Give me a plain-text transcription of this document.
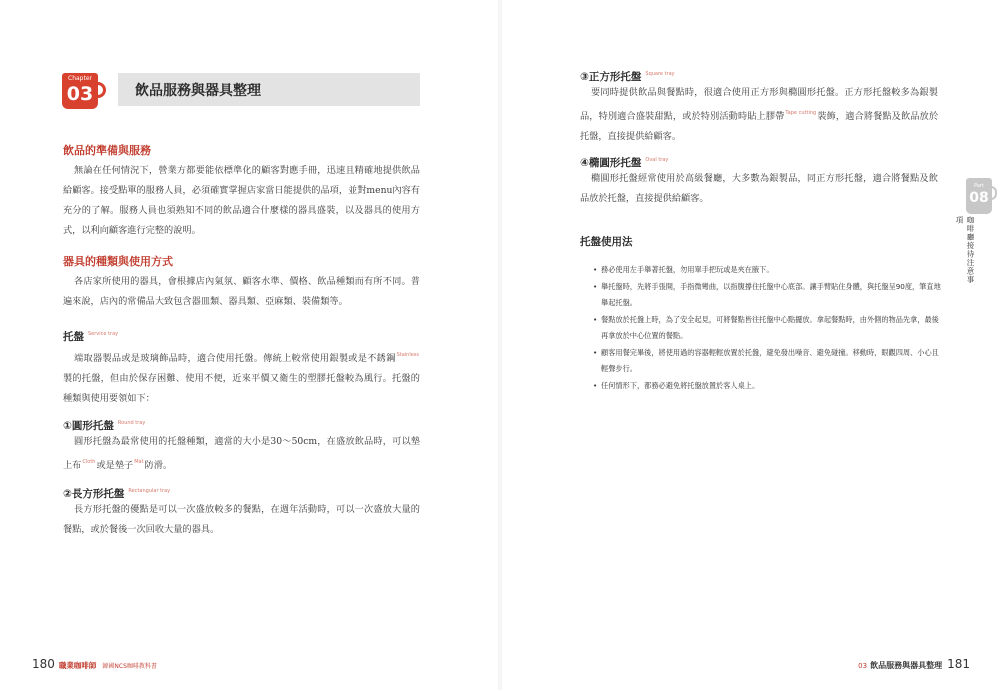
Chapter
03	飲品服務與器具整理
飲品的準備與服務
無論在任何情況下，營業方都要能依標準化的顧客對應手冊，迅速且精確地提供飲品給顧客。接受點單的服務人員，必須確實掌握店家當日能提供的品項，並對menu內容有充分的了解。服務人員也須熟知不同的飲品適合什麼樣的器具盛裝，以及器具的使用方式，以利向顧客進行完整的說明。
器具的種類與使用方式
各店家所使用的器具，會根據店內氣氛、顧客水準、價格、飲品種類而有所不同。普遍來說，店內的常備品大致包含器皿類、器具類、亞麻類、裝備類等。
托盤 $^{Service tray}$
端取器製品或是玻璃飾品時，適合使用托盤。傳統上較常使用銀製或是不銹鋼$^{Stainless}$製的托盤，但由於保存困難、使用不便，近來平價又衛生的塑膠托盤較為風行。托盤的種類與使用要領如下：
①圓形托盤 $^{Round tray}$
圓形托盤為最常使用的托盤種類，適當的大小是30～50cm，在盛放飲品時，可以墊上布$^{Cloth}$或是墊子$^{Mat}$防滑。
②長方形托盤 $^{Rectangular tray}$
長方形托盤的優點是可以一次盛放較多的餐點，在週年活動時，可以一次盛放大量的餐點，或於餐後一次回收大量的器具。
③正方形托盤 $^{Square tray}$
要同時提供飲品與餐點時，很適合使用正方形與橢圓形托盤。正方形托盤較多為銀製品，特別適合盛裝甜點，或於特別活動時貼上膠帶$^{Tape cutting}$裝飾，適合將餐點及飲品放於托盤，直接提供給顧客。
④橢圓形托盤 $^{Oval tray}$
橢圓形托盤經常使用於高級餐廳，大多數為銀製品，同正方形托盤，適合將餐點及飲品放於托盤，直接提供給顧客。
托盤使用法
• 務必使用左手舉著托盤，勿用單手把玩或是夾在腋下。
• 舉托盤時，先將手張開，手指微彎曲，以指腹撐住托盤中心底部。讓手臂貼住身體，與托盤呈90度，筆直地舉起托盤。
• 餐點放於托盤上時，為了安全起見，可將餐點皆往托盤中心點擺放。拿起餐點時，由外側的物品先拿，最後再拿放於中心位置的餐點。
• 顧客用餐完畢後，將使用過的容器輕輕放置於托盤，避免發出噪音、避免碰撞。移動時，眼觀四周、小心且輕聲步行。
• 任何情形下，都務必避免將托盤放置於客人桌上。
Part
08
咖啡廳接待注意事項
180 職業咖啡師 韓國NCS咖啡教科書	03 飲品服務與器具整理 181
